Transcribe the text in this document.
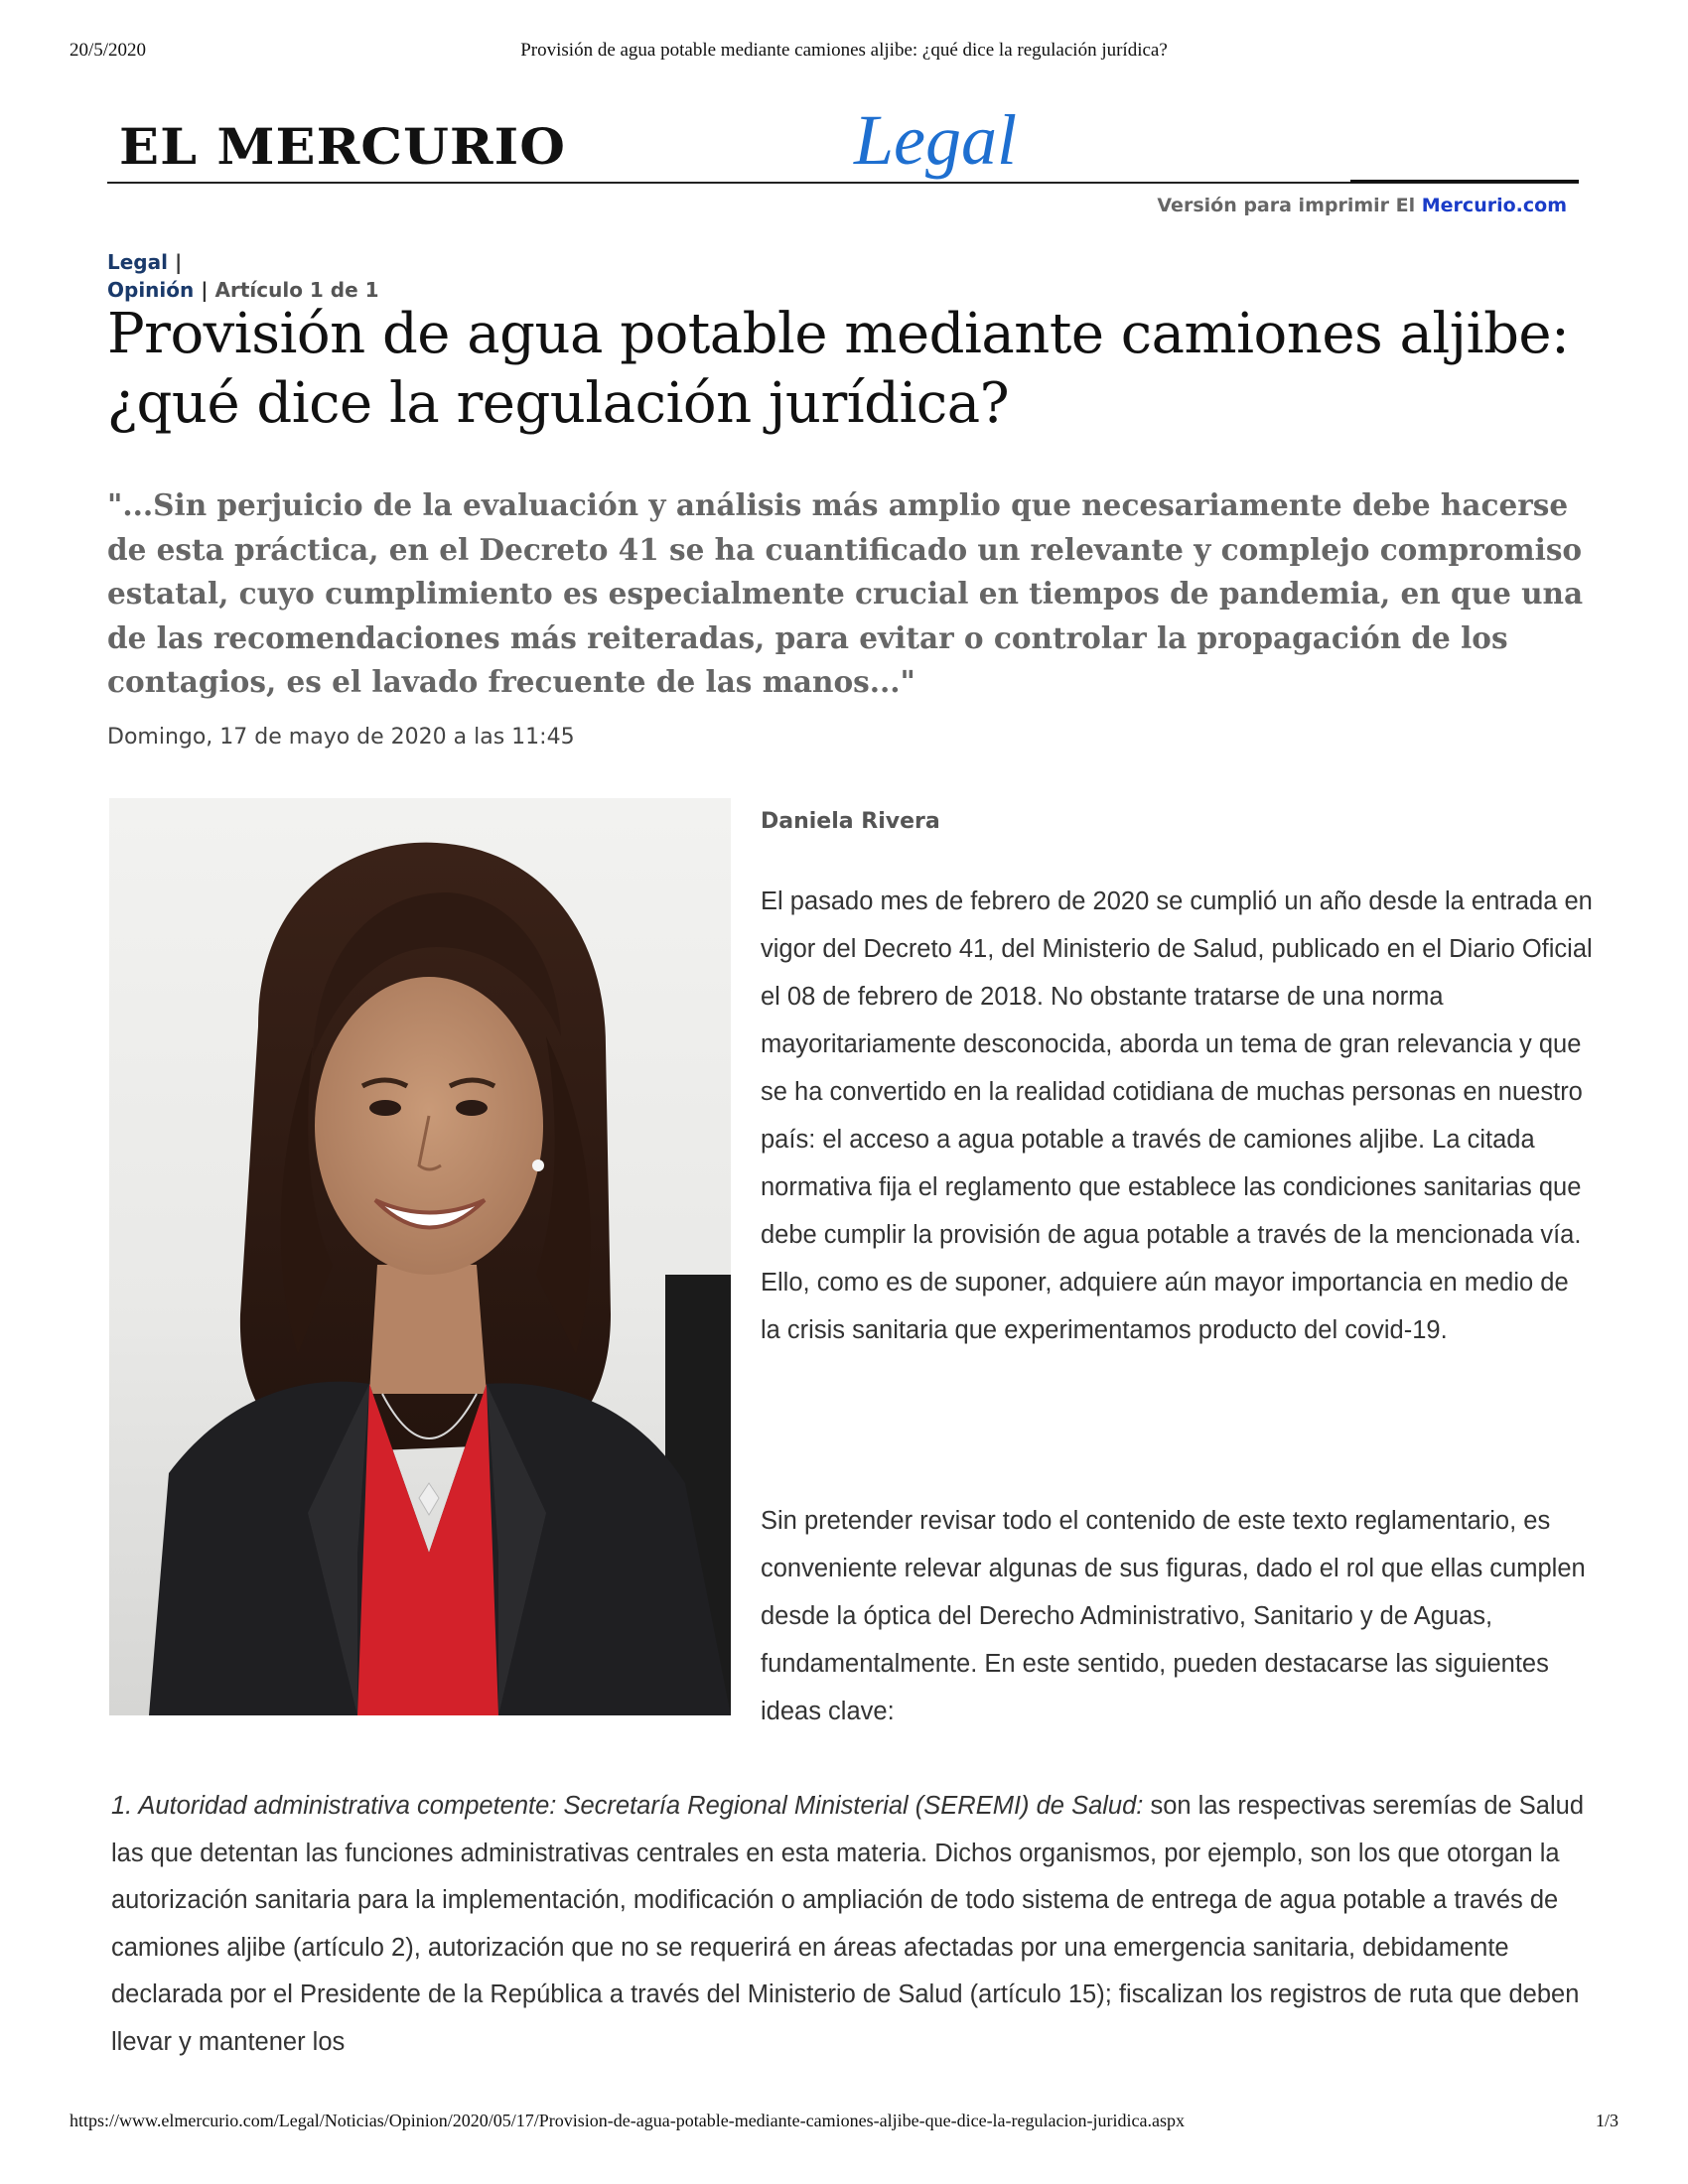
20/5/2020	Provisión de agua potable mediante camiones aljibe: ¿qué dice la regulación jurídica?
EL MERCURIO	Legal
Versión para imprimir El Mercurio.com
Legal |
Opinión | Artículo 1 de 1
Provisión de agua potable mediante camiones aljibe: ¿qué dice la regulación jurídica?

"...Sin perjuicio de la evaluación y análisis más amplio que necesariamente debe hacerse de esta práctica, en el Decreto 41 se ha cuantificado un relevante y complejo compromiso estatal, cuyo cumplimiento es especialmente crucial en tiempos de pandemia, en que una de las recomendaciones más reiteradas, para evitar o controlar la propagación de los contagios, es el lavado frecuente de las manos..."

Domingo, 17 de mayo de 2020 a las 11:45
Daniela Rivera

El pasado mes de febrero de 2020 se cumplió un año desde la entrada en vigor del Decreto 41, del Ministerio de Salud, publicado en el Diario Oficial el 08 de febrero de 2018. No obstante tratarse de una norma mayoritariamente desconocida, aborda un tema de gran relevancia y que se ha convertido en la realidad cotidiana de muchas personas en nuestro país: el acceso a agua potable a través de camiones aljibe. La citada normativa fija el reglamento que establece las condiciones sanitarias que debe cumplir la provisión de agua potable a través de la mencionada vía. Ello, como es de suponer, adquiere aún mayor importancia en medio de la crisis sanitaria que experimentamos producto del covid-19.

Sin pretender revisar todo el contenido de este texto reglamentario, es conveniente relevar algunas de sus figuras, dado el rol que ellas cumplen desde la óptica del Derecho Administrativo, Sanitario y de Aguas, fundamentalmente. En este sentido, pueden destacarse las siguientes ideas clave:

1. Autoridad administrativa competente: Secretaría Regional Ministerial (SEREMI) de Salud: son las respectivas seremías de Salud las que detentan las funciones administrativas centrales en esta materia. Dichos organismos, por ejemplo, son los que otorgan la autorización sanitaria para la implementación, modificación o ampliación de todo sistema de entrega de agua potable a través de camiones aljibe (artículo 2), autorización que no se requerirá en áreas afectadas por una emergencia sanitaria, debidamente declarada por el Presidente de la República a través del Ministerio de Salud (artículo 15); fiscalizan los registros de ruta que deben llevar y mantener los

https://www.elmercurio.com/Legal/Noticias/Opinion/2020/05/17/Provision-de-agua-potable-mediante-camiones-aljibe-que-dice-la-regulacion-juridica.aspx	1/3
